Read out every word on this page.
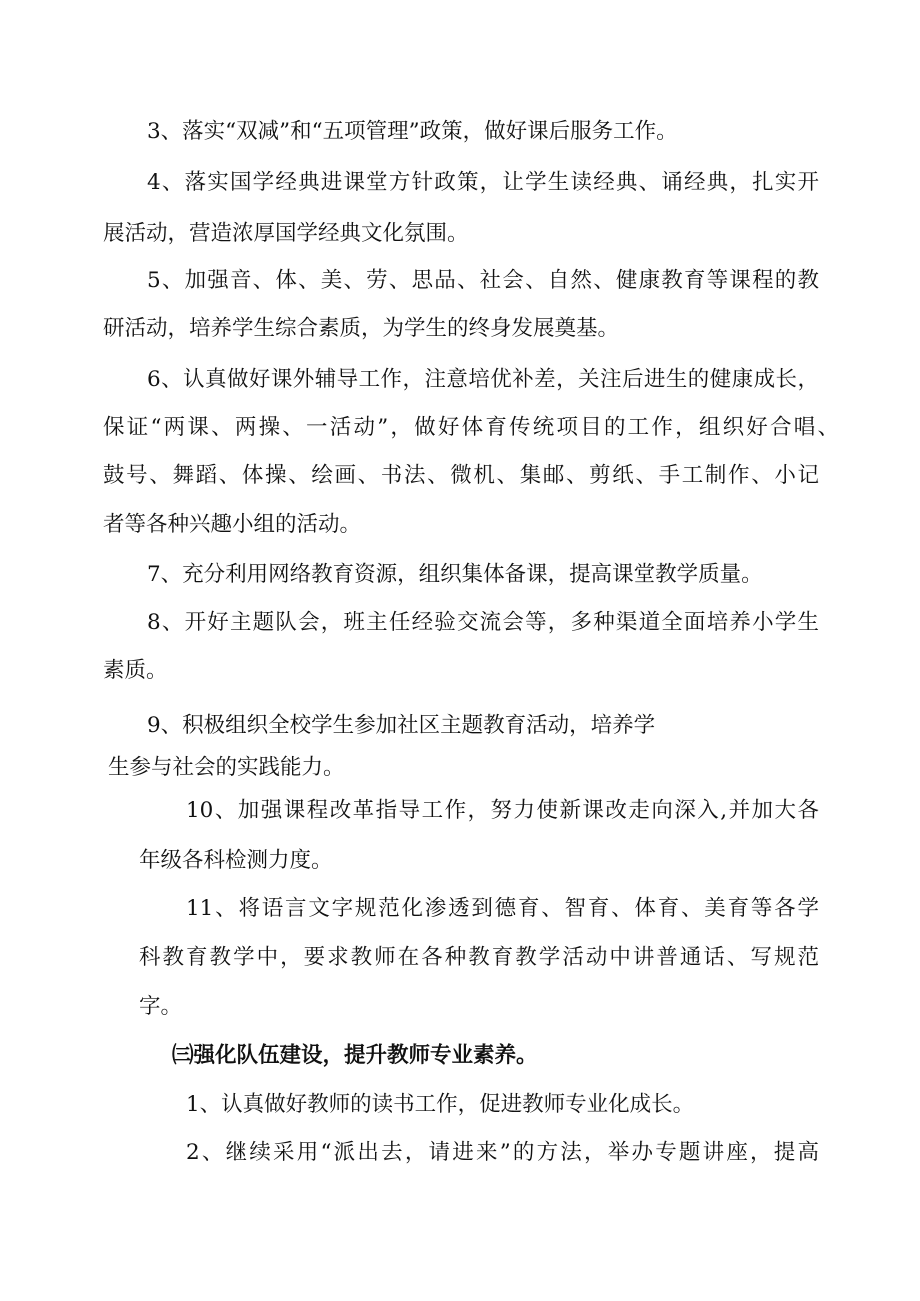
3、落实“双减”和“五项管理”政策，做好课后服务工作。
4、落实国学经典进课堂方针政策，让学生读经典、诵经典，扎实开
展活动，营造浓厚国学经典文化氛围。
5、加强音、体、美、劳、思品、社会、自然、健康教育等课程的教
研活动，培养学生综合素质，为学生的终身发展奠基。
6、认真做好课外辅导工作，注意培优补差，关注后进生的健康成长，
保证“两课、两操、一活动”，做好体育传统项目的工作，组织好合唱、
鼓号、舞蹈、体操、绘画、书法、微机、集邮、剪纸、手工制作、小记
者等各种兴趣小组的活动。
7、充分利用网络教育资源，组织集体备课，提高课堂教学质量。
8、开好主题队会，班主任经验交流会等，多种渠道全面培养小学生
素质。
9、积极组织全校学生参加社区主题教育活动，培养学
生参与社会的实践能力。
10、加强课程改革指导工作，努力使新课改走向深入,并加大各
年级各科检测力度。
11、将语言文字规范化渗透到德育、智育、体育、美育等各学
科教育教学中，要求教师在各种教育教学活动中讲普通话、写规范
字。
㈢强化队伍建设，提升教师专业素养。
1、认真做好教师的读书工作，促进教师专业化成长。
2、继续采用“派出去，请进来”的方法，举办专题讲座，提高
